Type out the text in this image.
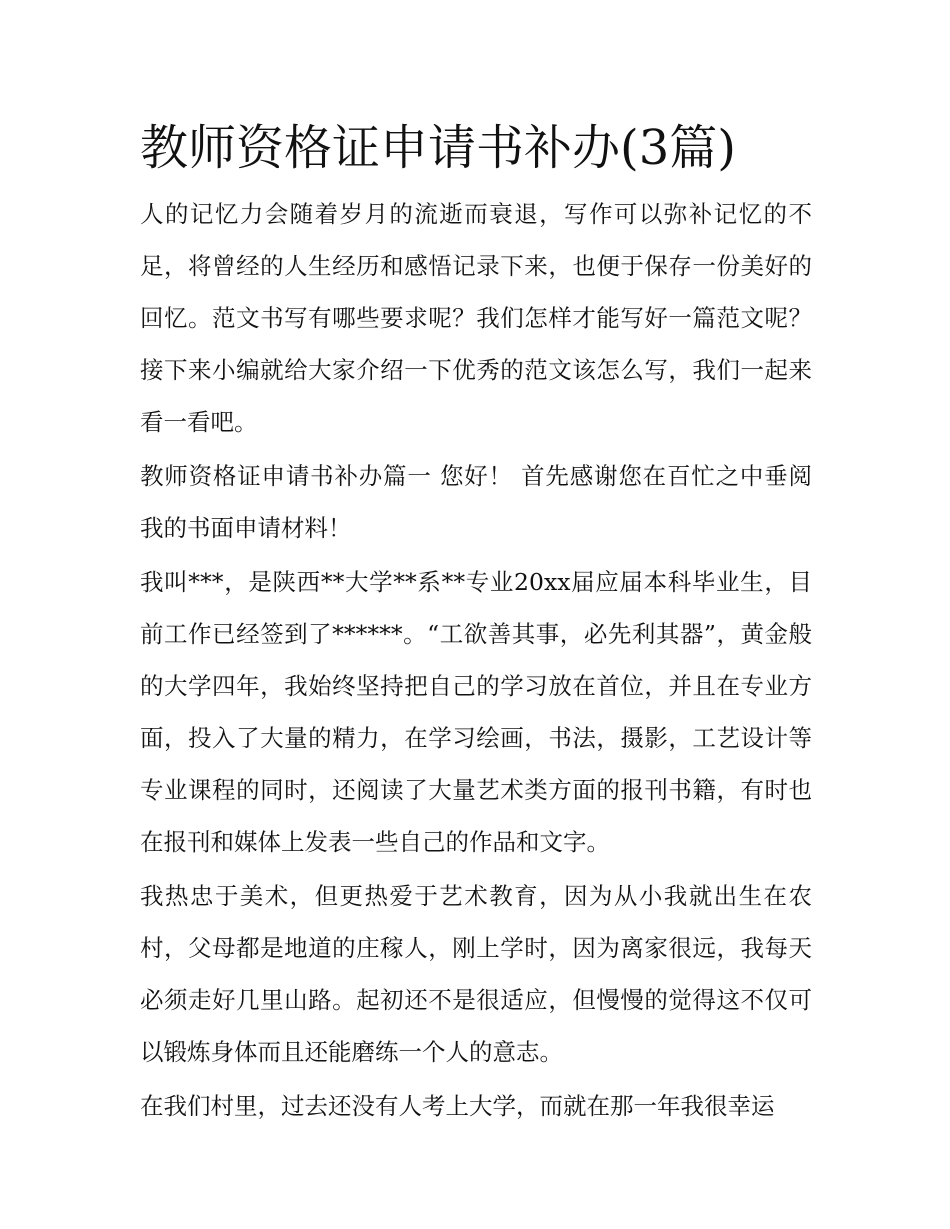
教师资格证申请书补办(3篇)

人的记忆力会随着岁月的流逝而衰退，写作可以弥补记忆的不足，将曾经的人生经历和感悟记录下来，也便于保存一份美好的回忆。范文书写有哪些要求呢？我们怎样才能写好一篇范文呢？接下来小编就给大家介绍一下优秀的范文该怎么写，我们一起来看一看吧。

教师资格证申请书补办篇一 您好！ 首先感谢您在百忙之中垂阅我的书面申请材料！

我叫***，是陕西**大学**系**专业20xx届应届本科毕业生，目前工作已经签到了******。“工欲善其事，必先利其器”，黄金般的大学四年，我始终坚持把自己的学习放在首位，并且在专业方面，投入了大量的精力，在学习绘画，书法，摄影，工艺设计等专业课程的同时，还阅读了大量艺术类方面的报刊书籍，有时也在报刊和媒体上发表一些自己的作品和文字。

我热忠于美术，但更热爱于艺术教育，因为从小我就出生在农村，父母都是地道的庄稼人，刚上学时，因为离家很远，我每天必须走好几里山路。起初还不是很适应，但慢慢的觉得这不仅可以锻炼身体而且还能磨练一个人的意志。

在我们村里，过去还没有人考上大学，而就在那一年我很幸运
